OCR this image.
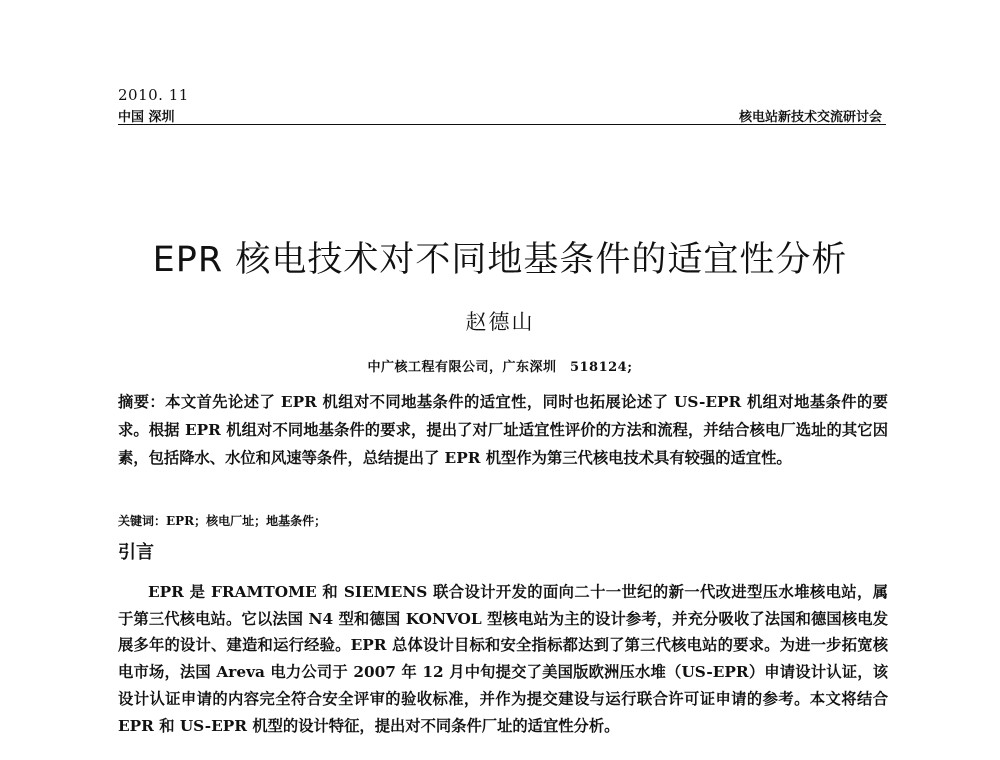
2010. 11
中国 深圳	核电站新技术交流研讨会
EPR 核电技术对不同地基条件的适宜性分析
赵德山
中广核工程有限公司，广东深圳　518124;
摘要：本文首先论述了 EPR 机组对不同地基条件的适宜性，同时也拓展论述了 US-EPR 机组对地基条件的要求。根据 EPR 机组对不同地基条件的要求，提出了对厂址适宜性评价的方法和流程，并结合核电厂选址的其它因素，包括降水、水位和风速等条件，总结提出了 EPR 机型作为第三代核电技术具有较强的适宜性。
关键词：EPR；核电厂址；地基条件；
引言
EPR 是 FRAMTOME 和 SIEMENS 联合设计开发的面向二十一世纪的新一代改进型压水堆核电站，属于第三代核电站。它以法国 N4 型和德国 KONVOL 型核电站为主的设计参考，并充分吸收了法国和德国核电发展多年的设计、建造和运行经验。EPR 总体设计目标和安全指标都达到了第三代核电站的要求。为进一步拓宽核电市场，法国 Areva 电力公司于 2007 年 12 月中旬提交了美国版欧洲压水堆（US-EPR）申请设计认证，该设计认证申请的内容完全符合安全评审的验收标准，并作为提交建设与运行联合许可证申请的参考。本文将结合 EPR 和 US-EPR 机型的设计特征，提出对不同条件厂址的适宜性分析。
